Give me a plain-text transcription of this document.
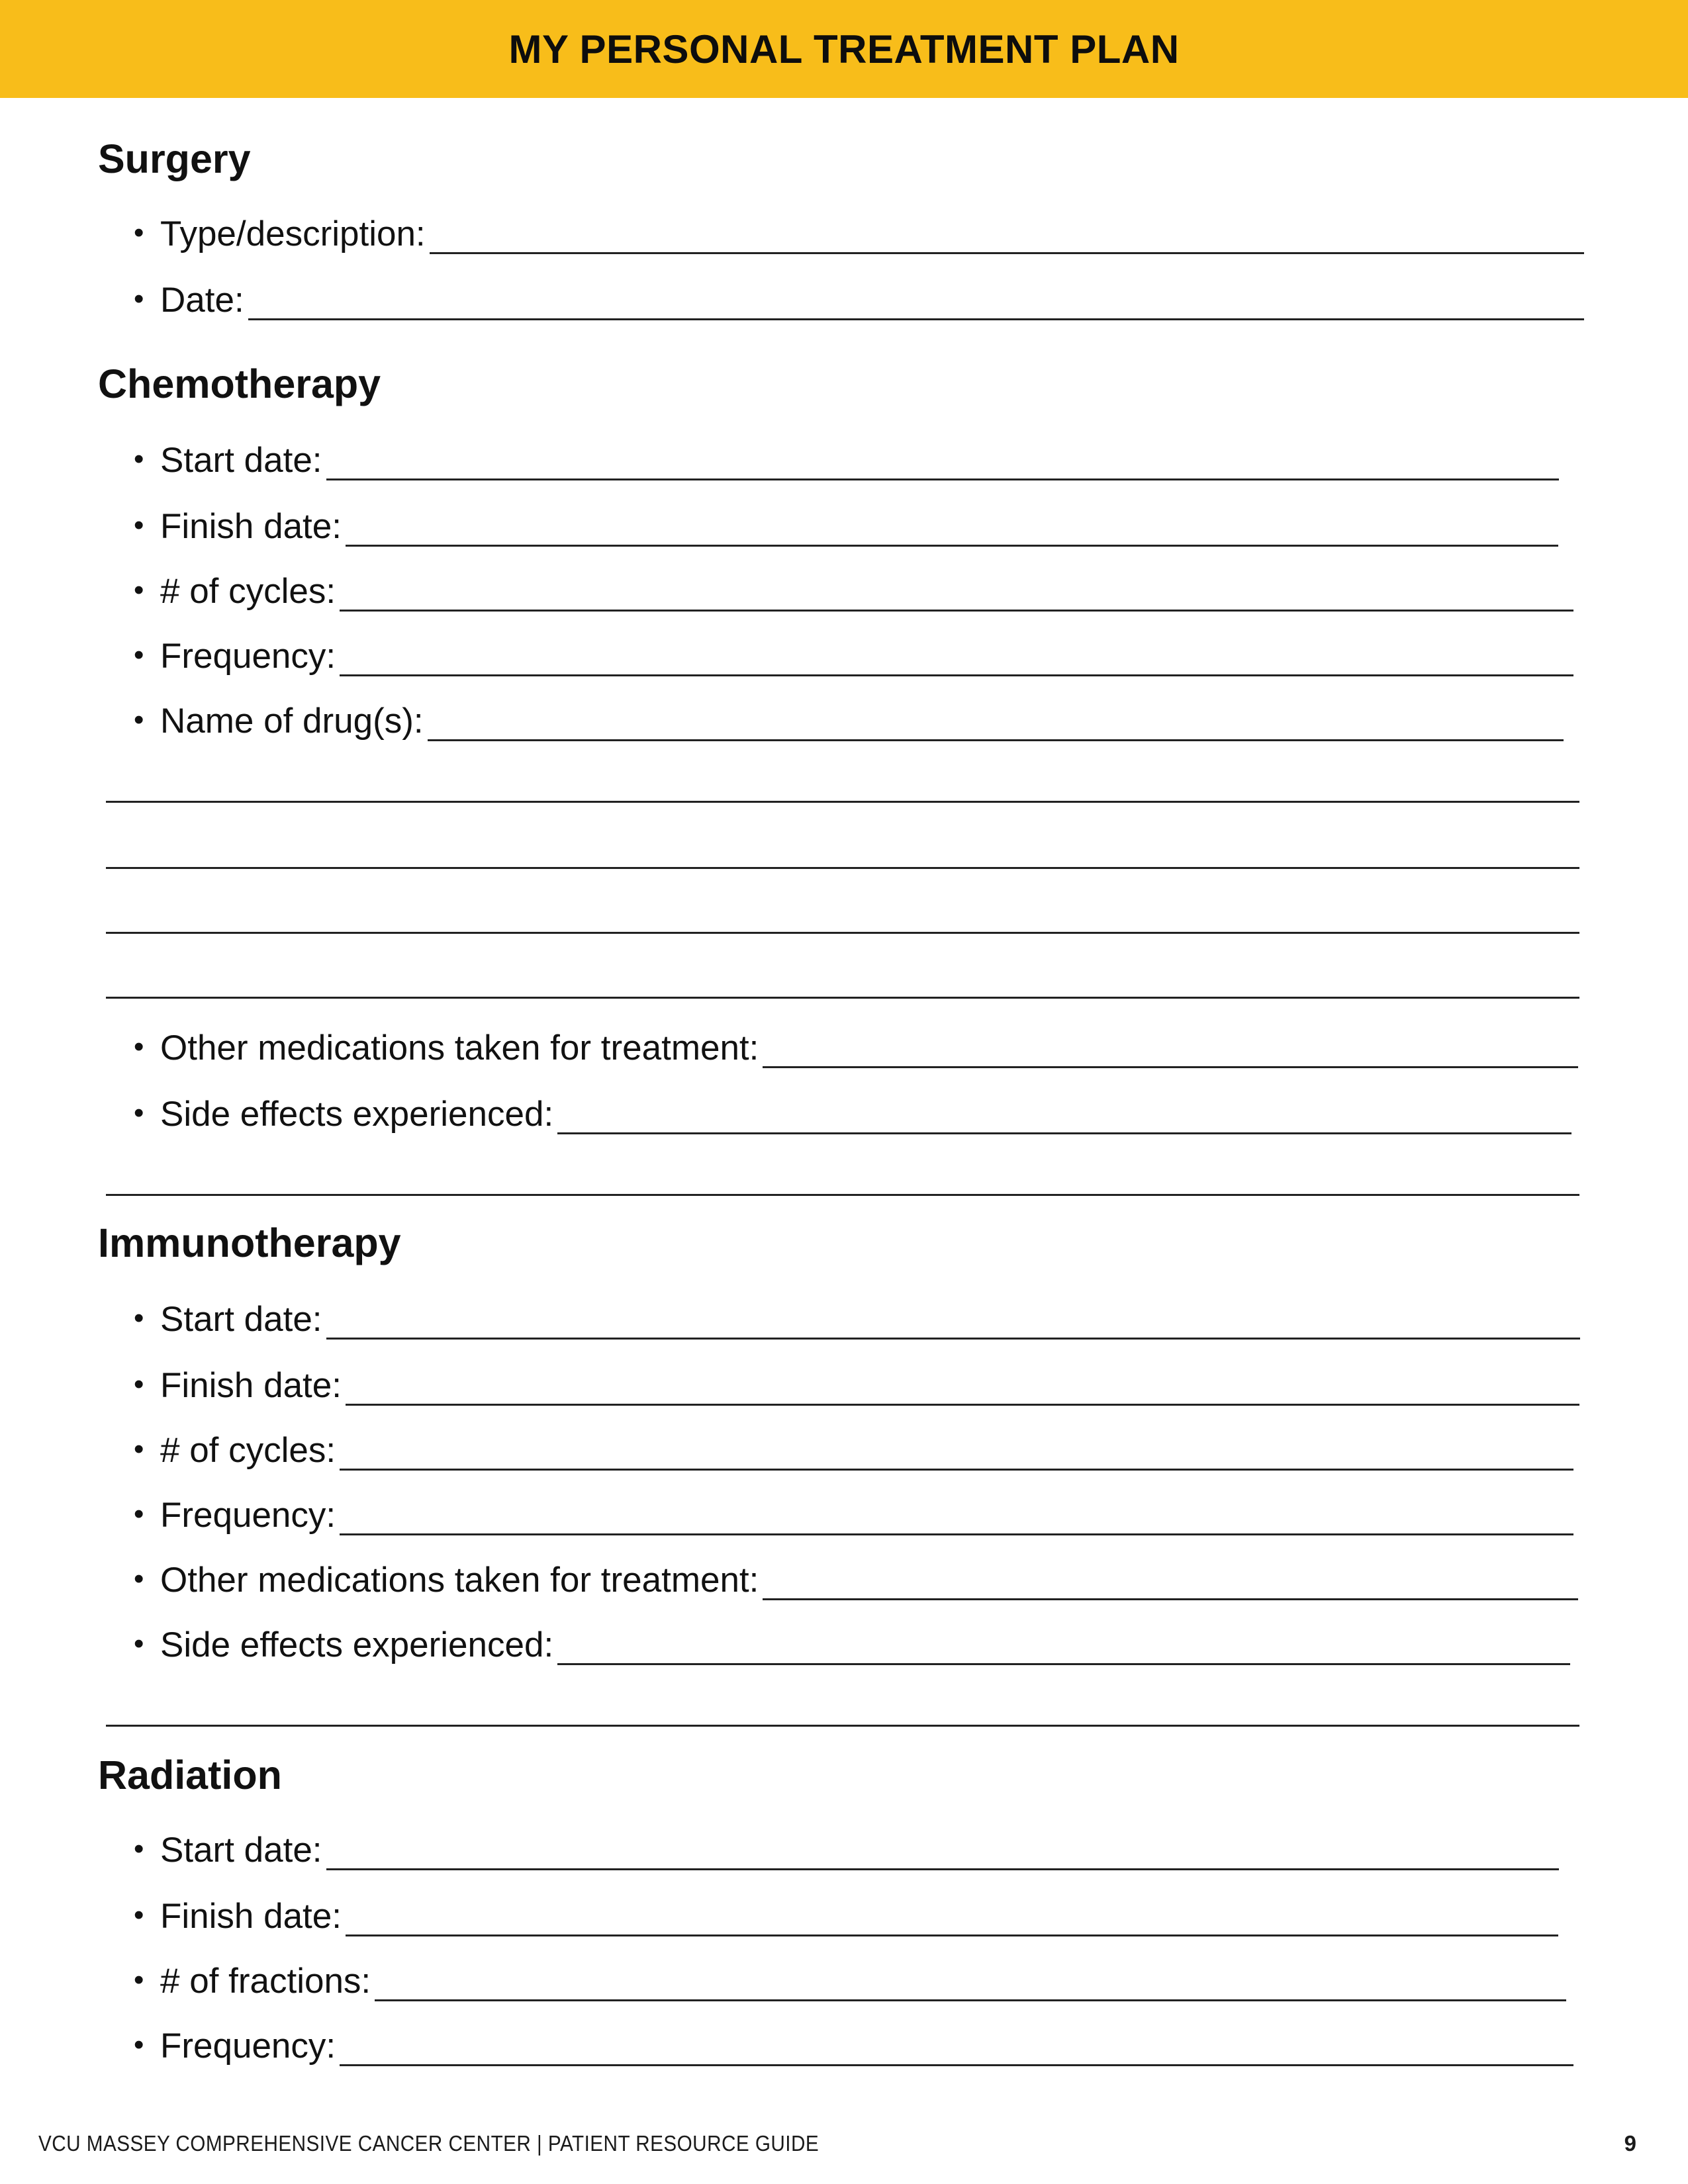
MY PERSONAL TREATMENT PLAN
Surgery
• Type/description:
• Date:
Chemotherapy
• Start date:
• Finish date:
• # of cycles:
• Frequency:
• Name of drug(s):
• Other medications taken for treatment:
• Side effects experienced:
Immunotherapy
• Start date:
• Finish date:
• # of cycles:
• Frequency:
• Other medications taken for treatment:
• Side effects experienced:
Radiation
• Start date:
• Finish date:
• # of fractions:
• Frequency:
VCU MASSEY COMPREHENSIVE CANCER CENTER | PATIENT RESOURCE GUIDE	9
